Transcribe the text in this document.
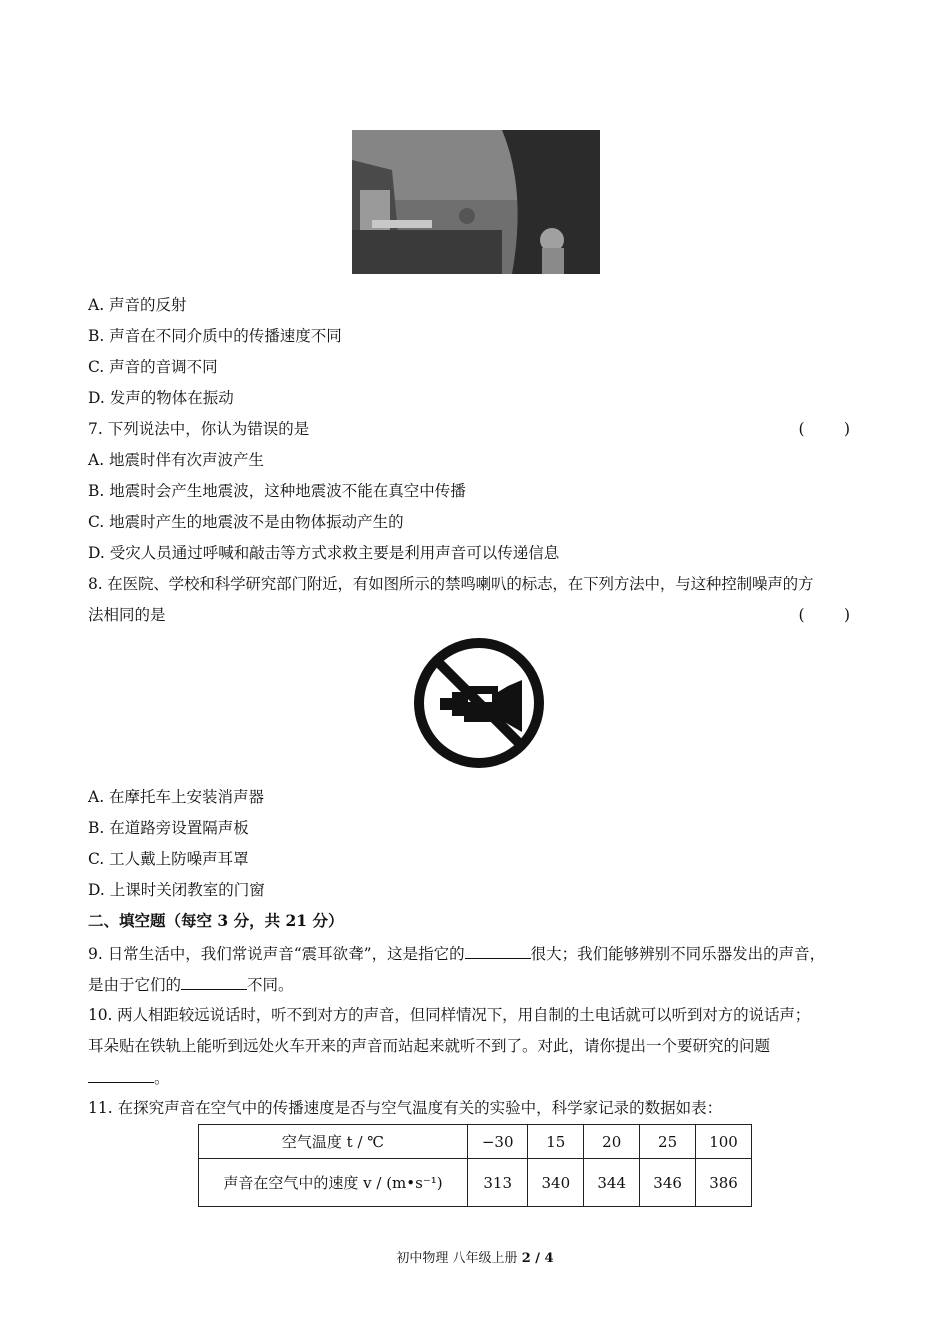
A. 声音的反射
B. 声音在不同介质中的传播速度不同
C. 声音的音调不同
D. 发声的物体在振动
7. 下列说法中，你认为错误的是	(        )
A. 地震时伴有次声波产生
B. 地震时会产生地震波，这种地震波不能在真空中传播
C. 地震时产生的地震波不是由物体振动产生的
D. 受灾人员通过呼喊和敲击等方式求救主要是利用声音可以传递信息
8. 在医院、学校和科学研究部门附近，有如图所示的禁鸣喇叭的标志，在下列方法中，与这种控制噪声的方
法相同的是	(        )
A. 在摩托车上安装消声器
B. 在道路旁设置隔声板
C. 工人戴上防噪声耳罩
D. 上课时关闭教室的门窗
二、填空题（每空 3 分，共 21 分）
9. 日常生活中，我们常说声音“震耳欲聋”，这是指它的	很大；我们能够辨别不同乐器发出的声音，
是由于它们的	不同。
10. 两人相距较远说话时，听不到对方的声音，但同样情况下，用自制的土电话就可以听到对方的说话声；
耳朵贴在铁轨上能听到远处火车开来的声音而站起来就听不到了。对此，请你提出一个要研究的问题
。
11. 在探究声音在空气中的传播速度是否与空气温度有关的实验中，科学家记录的数据如表：
空气温度 t / ℃	−30	15	20	25	100
声音在空气中的速度 v / (m•s⁻¹)	313	340	344	346	386
初中物理 八年级上册 2 / 4
